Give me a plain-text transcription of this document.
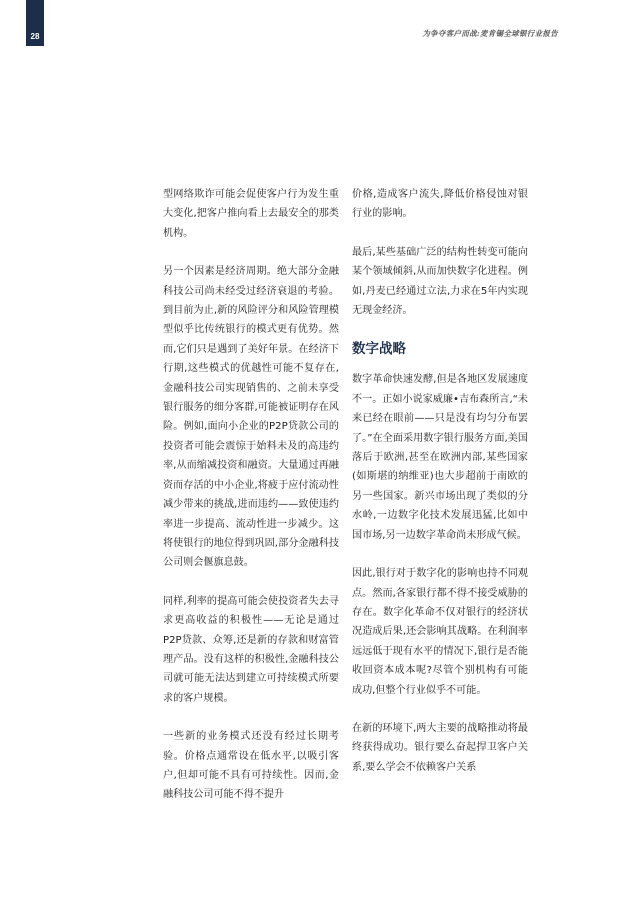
28	为争夺客户而战:麦肯锡全球银行业报告

型网络欺诈可能会促使客户行为发生重大变化,把客户推向看上去最安全的那类机构。

另一个因素是经济周期。绝大部分金融科技公司尚未经受过经济衰退的考验。到目前为止,新的风险评分和风险管理模型似乎比传统银行的模式更有优势。然而,它们只是遇到了美好年景。在经济下行期,这些模式的优越性可能不复存在,金融科技公司实现销售的、之前未享受银行服务的细分客群,可能被证明存在风险。例如,面向小企业的P2P贷款公司的投资者可能会震惊于始料未及的高违约率,从而缩减投资和融资。大量通过再融资而存活的中小企业,将疲于应付流动性减少带来的挑战,进而违约——致使违约率进一步提高、流动性进一步减少。这将使银行的地位得到巩固,部分金融科技公司则会偃旗息鼓。

同样,利率的提高可能会使投资者失去寻求更高收益的积极性——无论是通过P2P贷款、众筹,还是新的存款和财富管理产品。没有这样的积极性,金融科技公司就可能无法达到建立可持续模式所要求的客户规模。

一些新的业务模式还没有经过长期考验。价格点通常设在低水平,以吸引客户,但却可能不具有可持续性。因而,金融科技公司可能不得不提升

价格,造成客户流失,降低价格侵蚀对银行业的影响。

最后,某些基础广泛的结构性转变可能向某个领域倾斜,从而加快数字化进程。例如,丹麦已经通过立法,力求在5年内实现无现金经济。

数字战略

数字革命快速发酵,但是各地区发展速度不一。正如小说家威廉•吉布森所言,“未来已经在眼前——只是没有均匀分布罢了。”在全面采用数字银行服务方面,美国落后于欧洲,甚至在欧洲内部,某些国家(如斯堪的纳维亚)也大步超前于南欧的另一些国家。新兴市场出现了类似的分水岭,一边数字化技术发展迅猛,比如中国市场,另一边数字革命尚未形成气候。

因此,银行对于数字化的影响也持不同观点。然而,各家银行都不得不接受威胁的存在。数字化革命不仅对银行的经济状况造成后果,还会影响其战略。在利润率远远低于现有水平的情况下,银行是否能收回资本成本呢?尽管个别机构有可能成功,但整个行业似乎不可能。

在新的环境下,两大主要的战略推动将最终获得成功。银行要么奋起捍卫客户关系,要么学会不依赖客户关系
